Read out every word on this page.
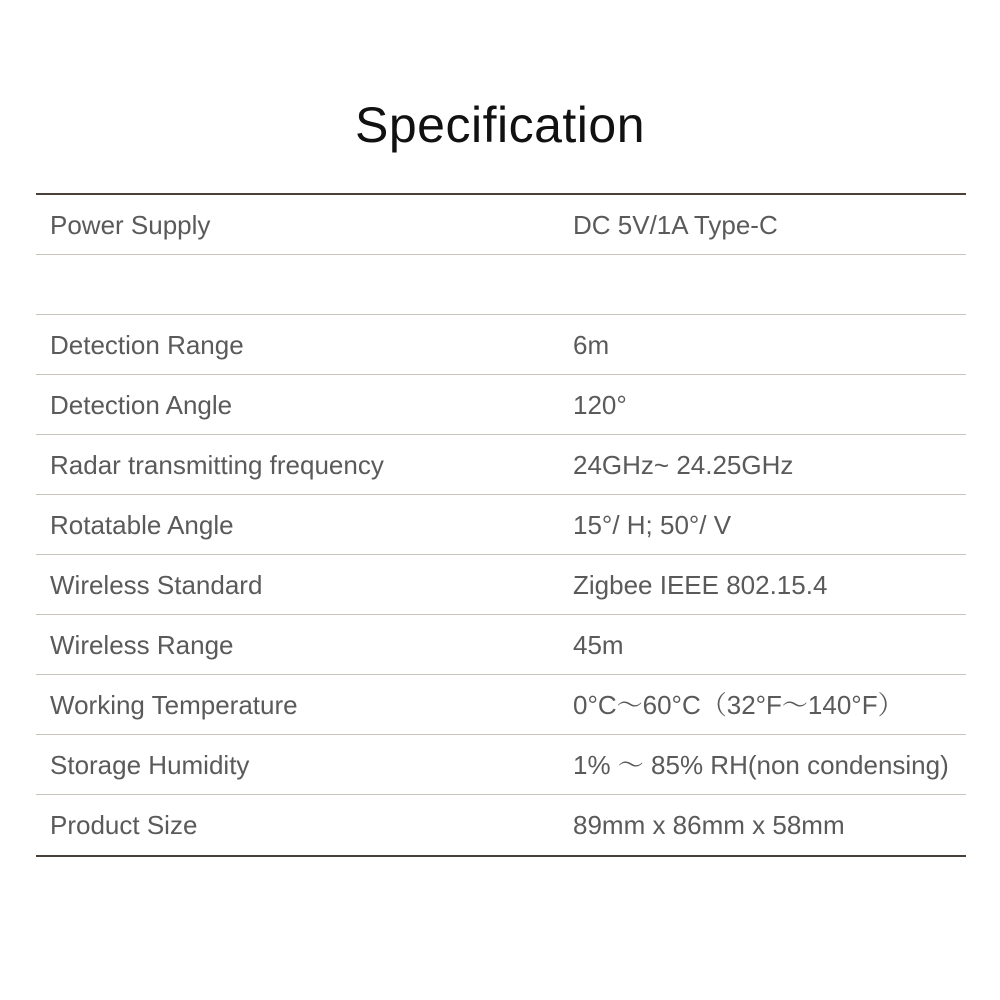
Specification
Power Supply	DC 5V/1A Type-C
Detection Range	6m
Detection Angle	120°
Radar transmitting frequency	24GHz~ 24.25GHz
Rotatable Angle	15°/ H; 50°/ V
Wireless Standard	Zigbee IEEE 802.15.4
Wireless Range	45m
Working Temperature	0°C～60°C（32°F～140°F）
Storage Humidity	1% ～ 85% RH(non condensing)
Product Size	89mm x 86mm x 58mm
